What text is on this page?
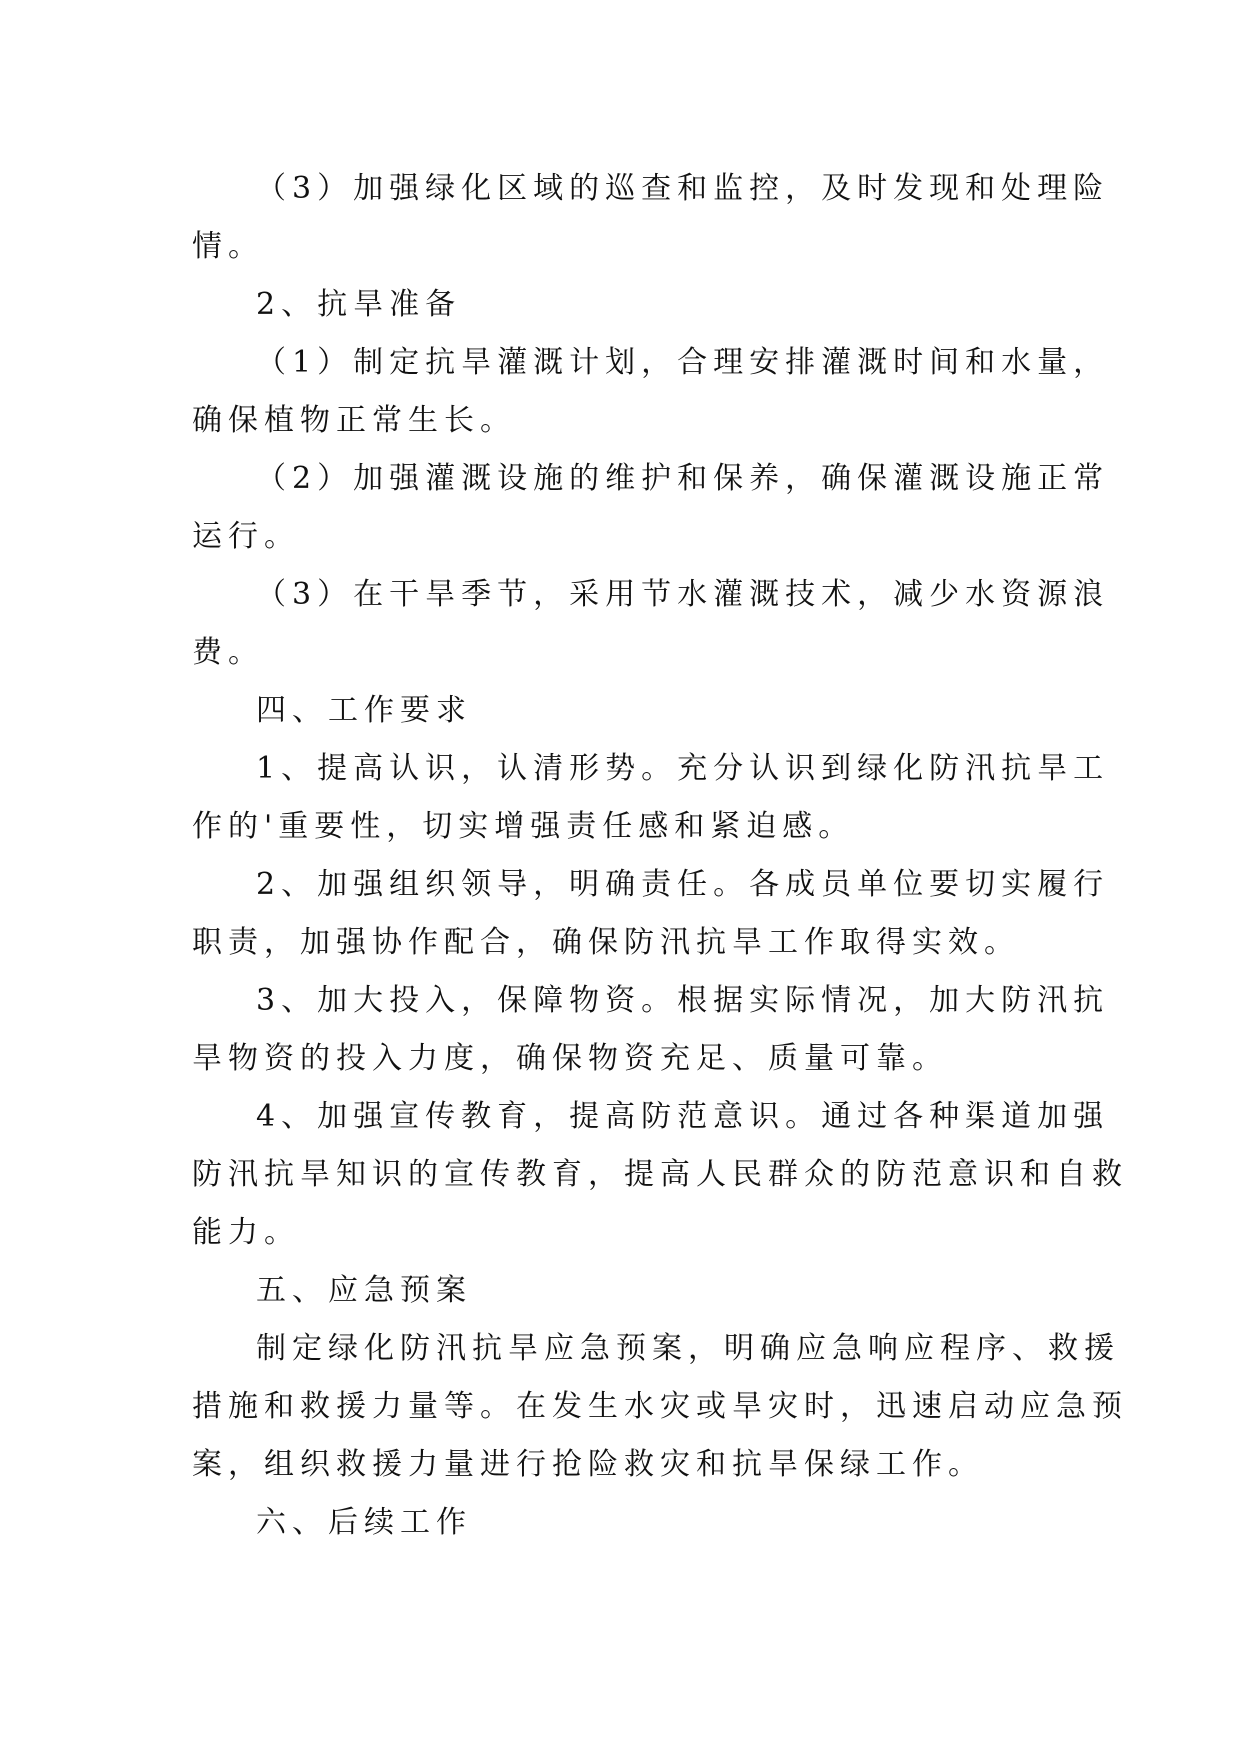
（3）加强绿化区域的巡查和监控，及时发现和处理险
情。
2、抗旱准备
（1）制定抗旱灌溉计划，合理安排灌溉时间和水量，
确保植物正常生长。
（2）加强灌溉设施的维护和保养，确保灌溉设施正常
运行。
（3）在干旱季节，采用节水灌溉技术，减少水资源浪
费。
四、工作要求
1、提高认识，认清形势。充分认识到绿化防汛抗旱工
作的'重要性，切实增强责任感和紧迫感。
2、加强组织领导，明确责任。各成员单位要切实履行
职责，加强协作配合，确保防汛抗旱工作取得实效。
3、加大投入，保障物资。根据实际情况，加大防汛抗
旱物资的投入力度，确保物资充足、质量可靠。
4、加强宣传教育，提高防范意识。通过各种渠道加强
防汛抗旱知识的宣传教育，提高人民群众的防范意识和自救
能力。
五、应急预案
制定绿化防汛抗旱应急预案，明确应急响应程序、救援
措施和救援力量等。在发生水灾或旱灾时，迅速启动应急预
案，组织救援力量进行抢险救灾和抗旱保绿工作。
六、后续工作
